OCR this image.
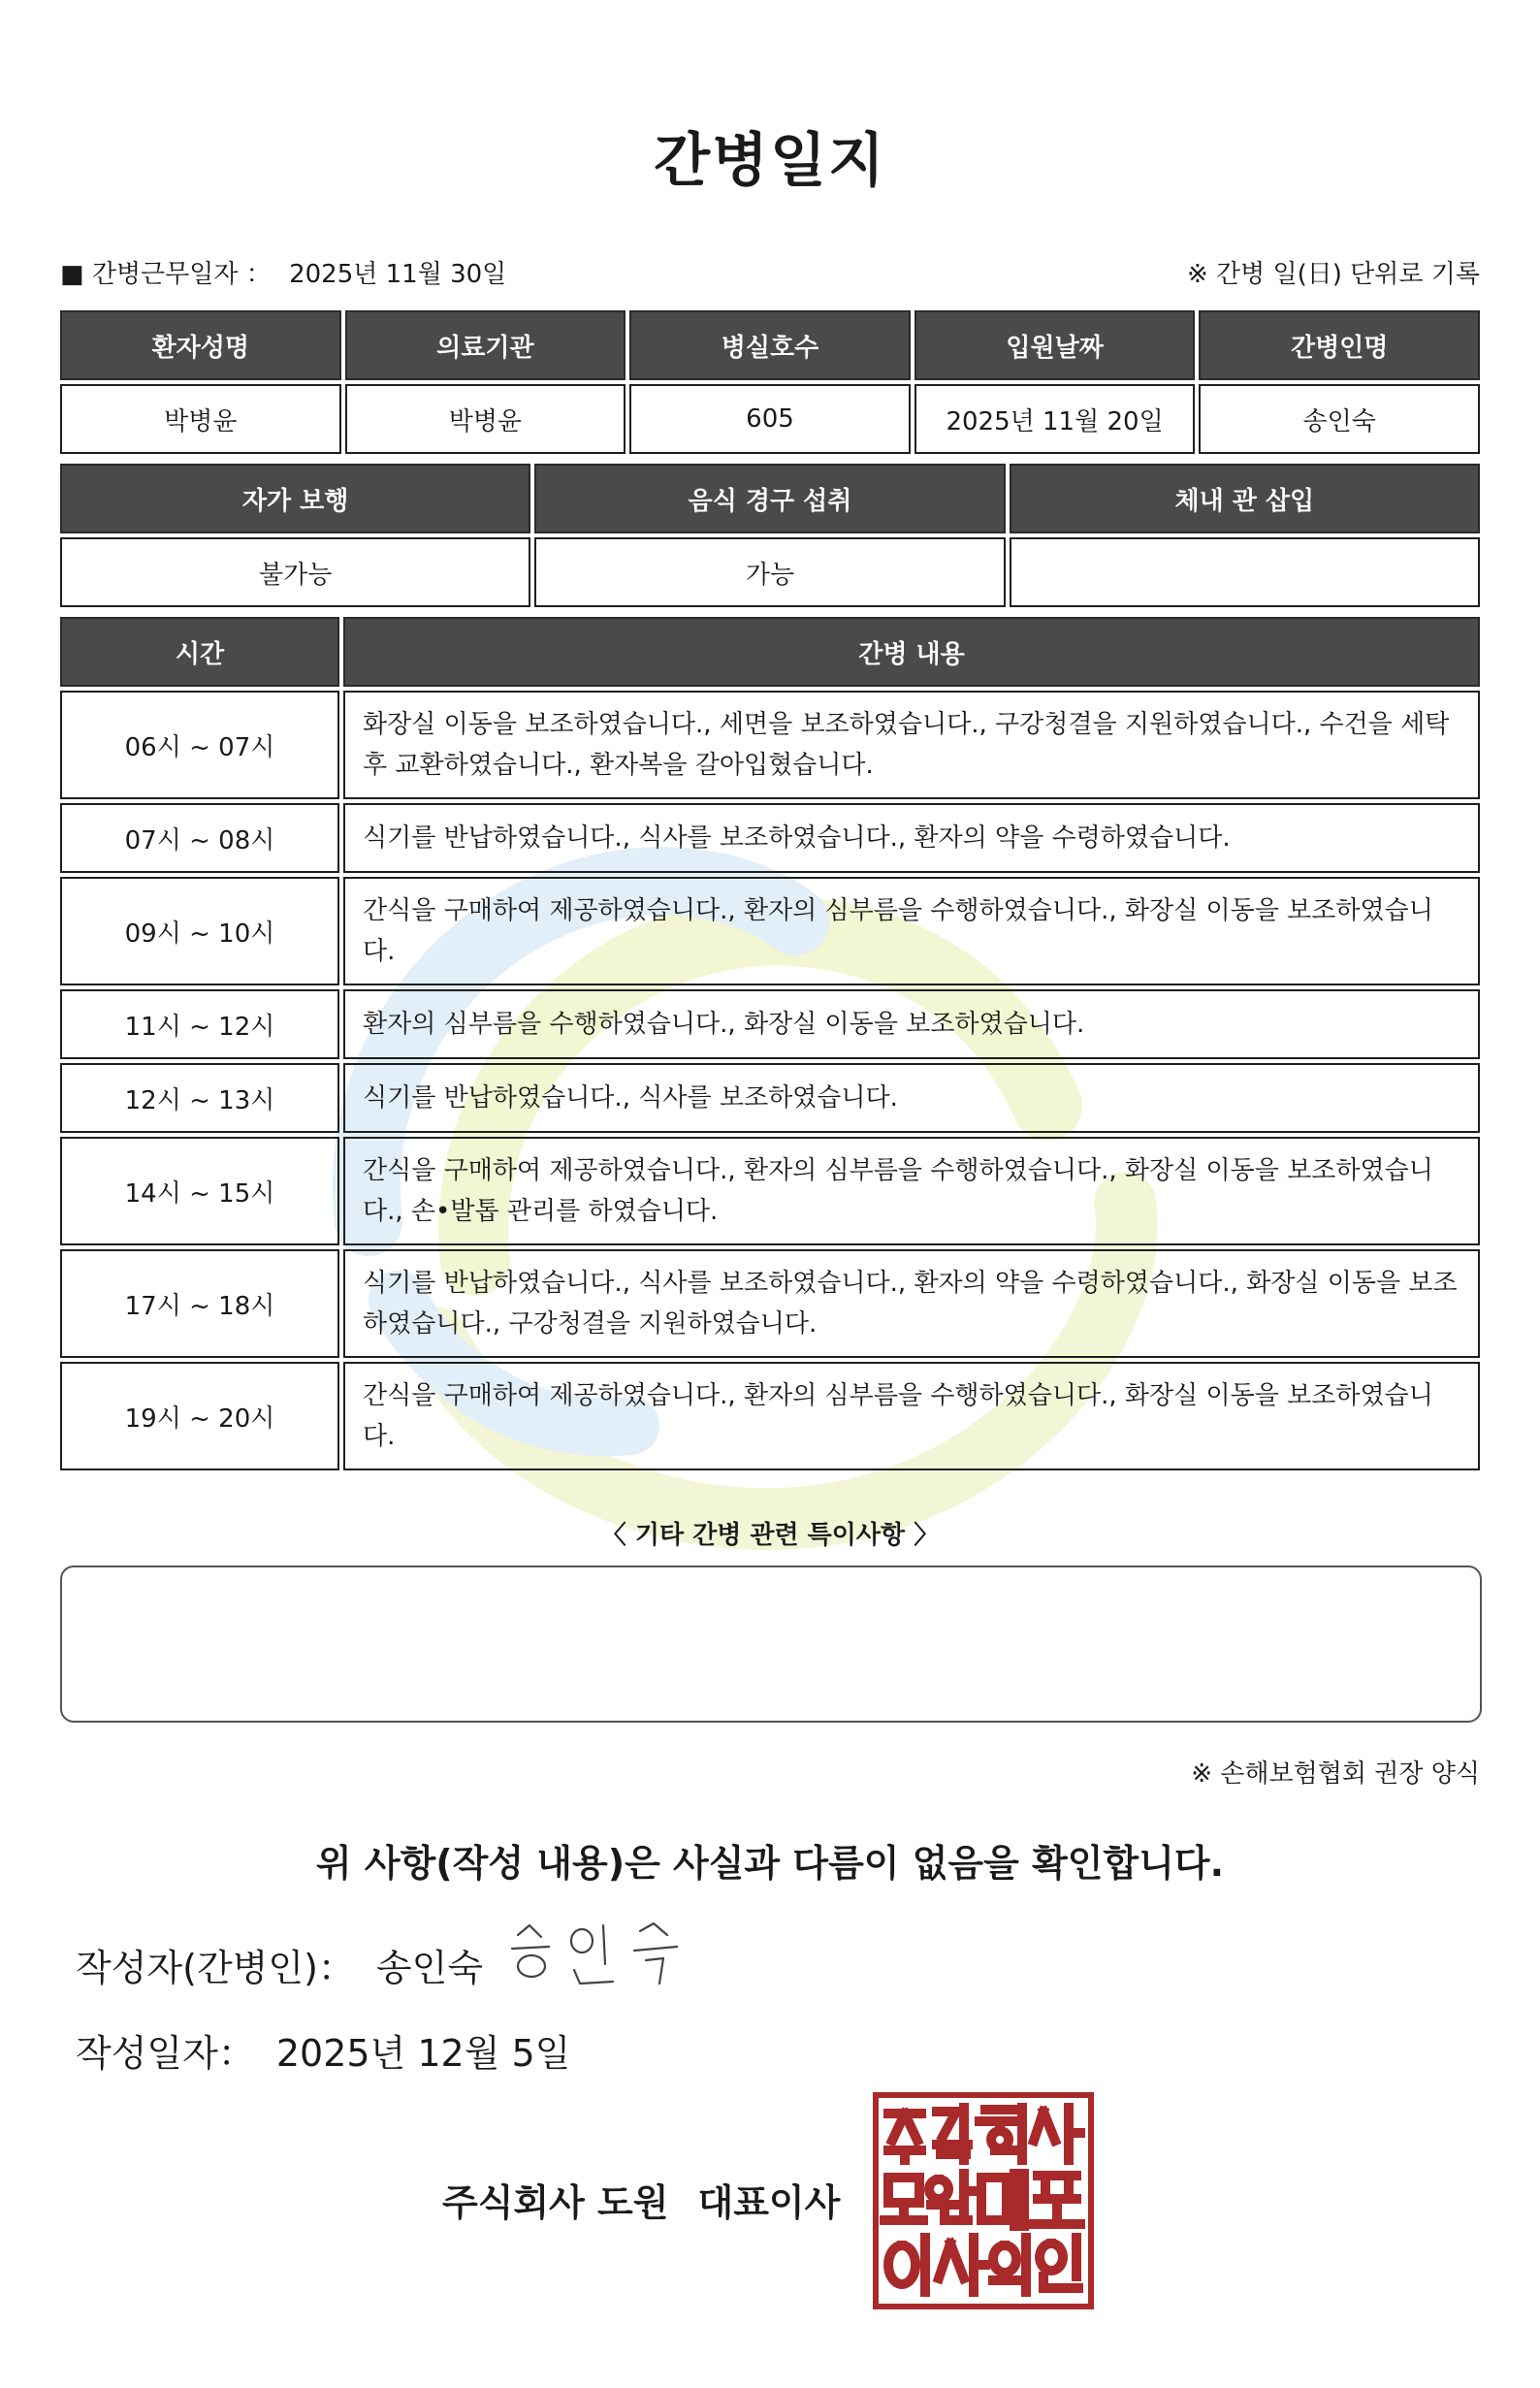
간병일지
■ 간병근무일자 ： 2025년 11월 30일	※ 간병 일(日) 단위로 기록
환자성명	의료기관	병실호수	입원날짜	간병인명
박병윤	박병윤	605	2025년 11월 20일	송인숙
자가 보행	음식 경구 섭취	체내 관 삽입
불가능	가능	
시간	간병 내용
06시 ~ 07시	화장실 이동을 보조하였습니다., 세면을 보조하였습니다., 구강청결을 지원하였습니다., 수건을 세탁 후 교환하였습니다., 환자복을 갈아입혔습니다.
07시 ~ 08시	식기를 반납하였습니다., 식사를 보조하였습니다., 환자의 약을 수령하였습니다.
09시 ~ 10시	간식을 구매하여 제공하였습니다., 환자의 심부름을 수행하였습니다., 화장실 이동을 보조하였습니다.
11시 ~ 12시	환자의 심부름을 수행하였습니다., 화장실 이동을 보조하였습니다.
12시 ~ 13시	식기를 반납하였습니다., 식사를 보조하였습니다.
14시 ~ 15시	간식을 구매하여 제공하였습니다., 환자의 심부름을 수행하였습니다., 화장실 이동을 보조하였습니다., 손•발톱 관리를 하였습니다.
17시 ~ 18시	식기를 반납하였습니다., 식사를 보조하였습니다., 환자의 약을 수령하였습니다., 화장실 이동을 보조하였습니다., 구강청결을 지원하였습니다.
19시 ~ 20시	간식을 구매하여 제공하였습니다., 환자의 심부름을 수행하였습니다., 화장실 이동을 보조하였습니다.
〈 기타 간병 관련 특이사항 〉
※ 손해보험협회 권장 양식
위 사항(작성 내용)은 사실과 다름이 없음을 확인합니다.
작성자(간병인)： 송인숙
작성일자： 2025년 12월 5일
주식회사 도원 대표이사
